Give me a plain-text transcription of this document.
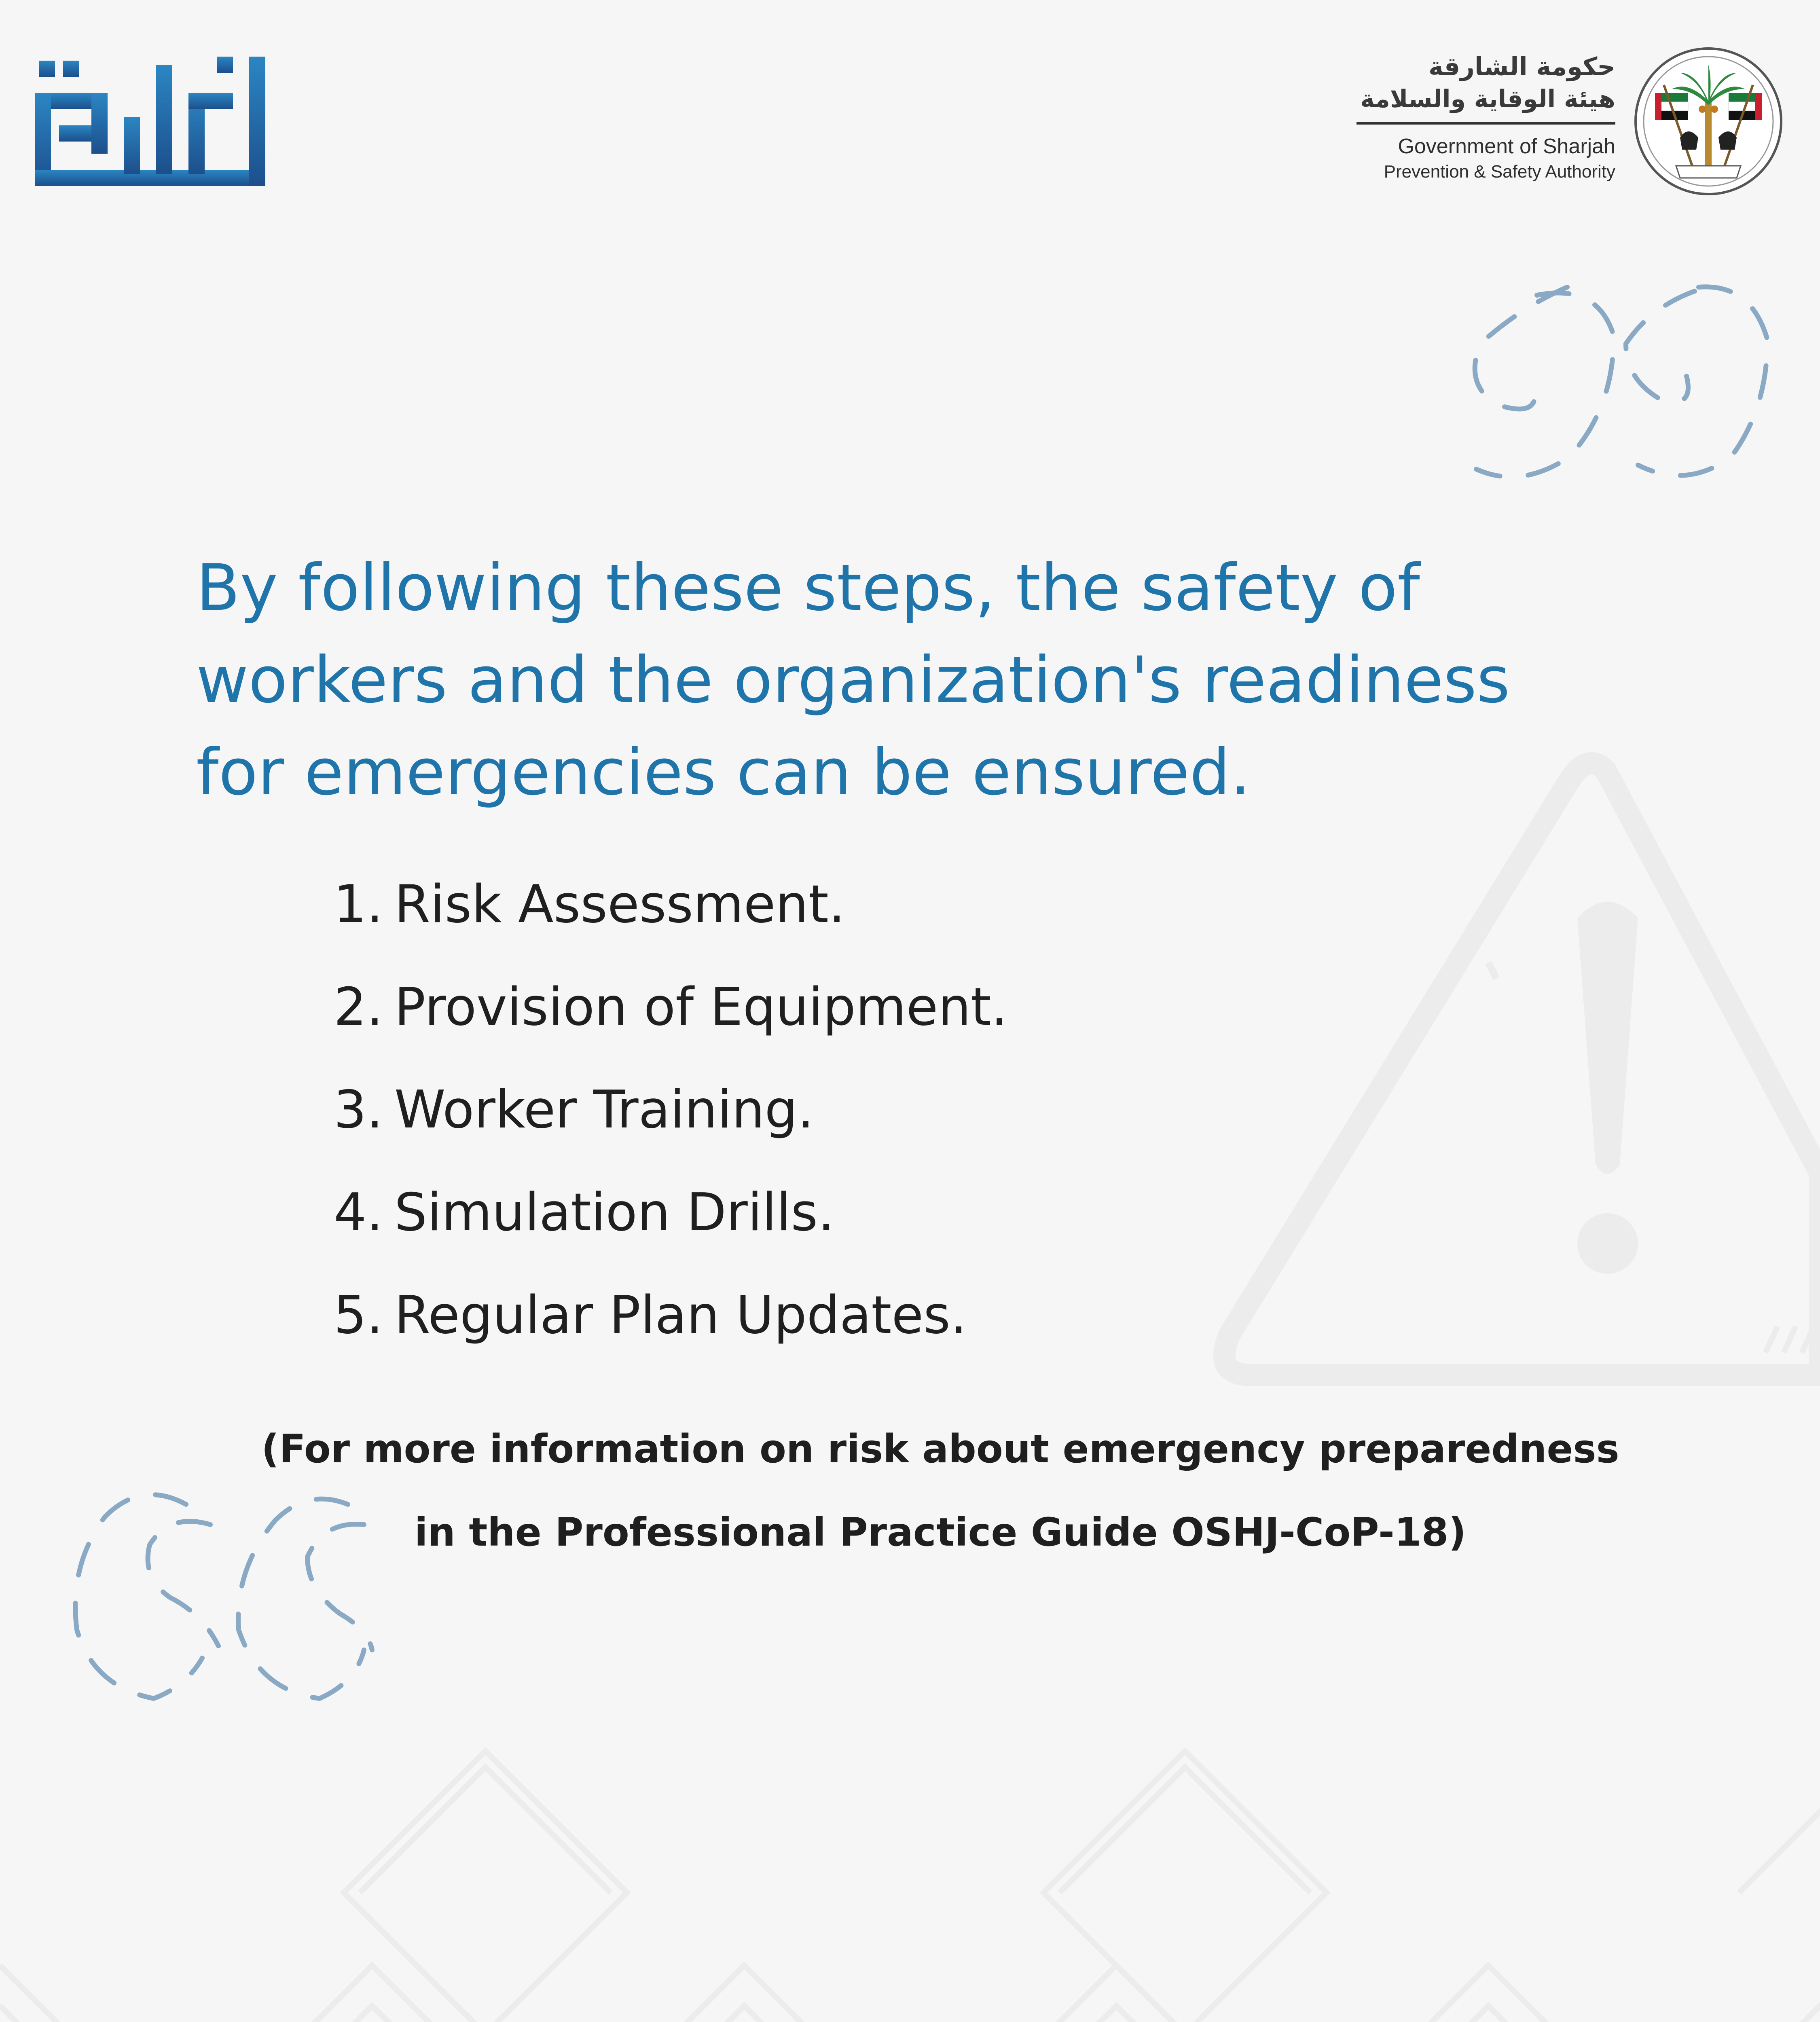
حكومة الشارقة
هيئة الوقاية والسلامة
Government of Sharjah
Prevention & Safety Authority
By following these steps, the safety of
workers and the organization's readiness
for emergencies can be ensured.
1. Risk Assessment.
2. Provision of Equipment.
3. Worker Training.
4. Simulation Drills.
5. Regular Plan Updates.
(For more information on risk about emergency preparedness
in the Professional Practice Guide OSHJ-CoP-18)
